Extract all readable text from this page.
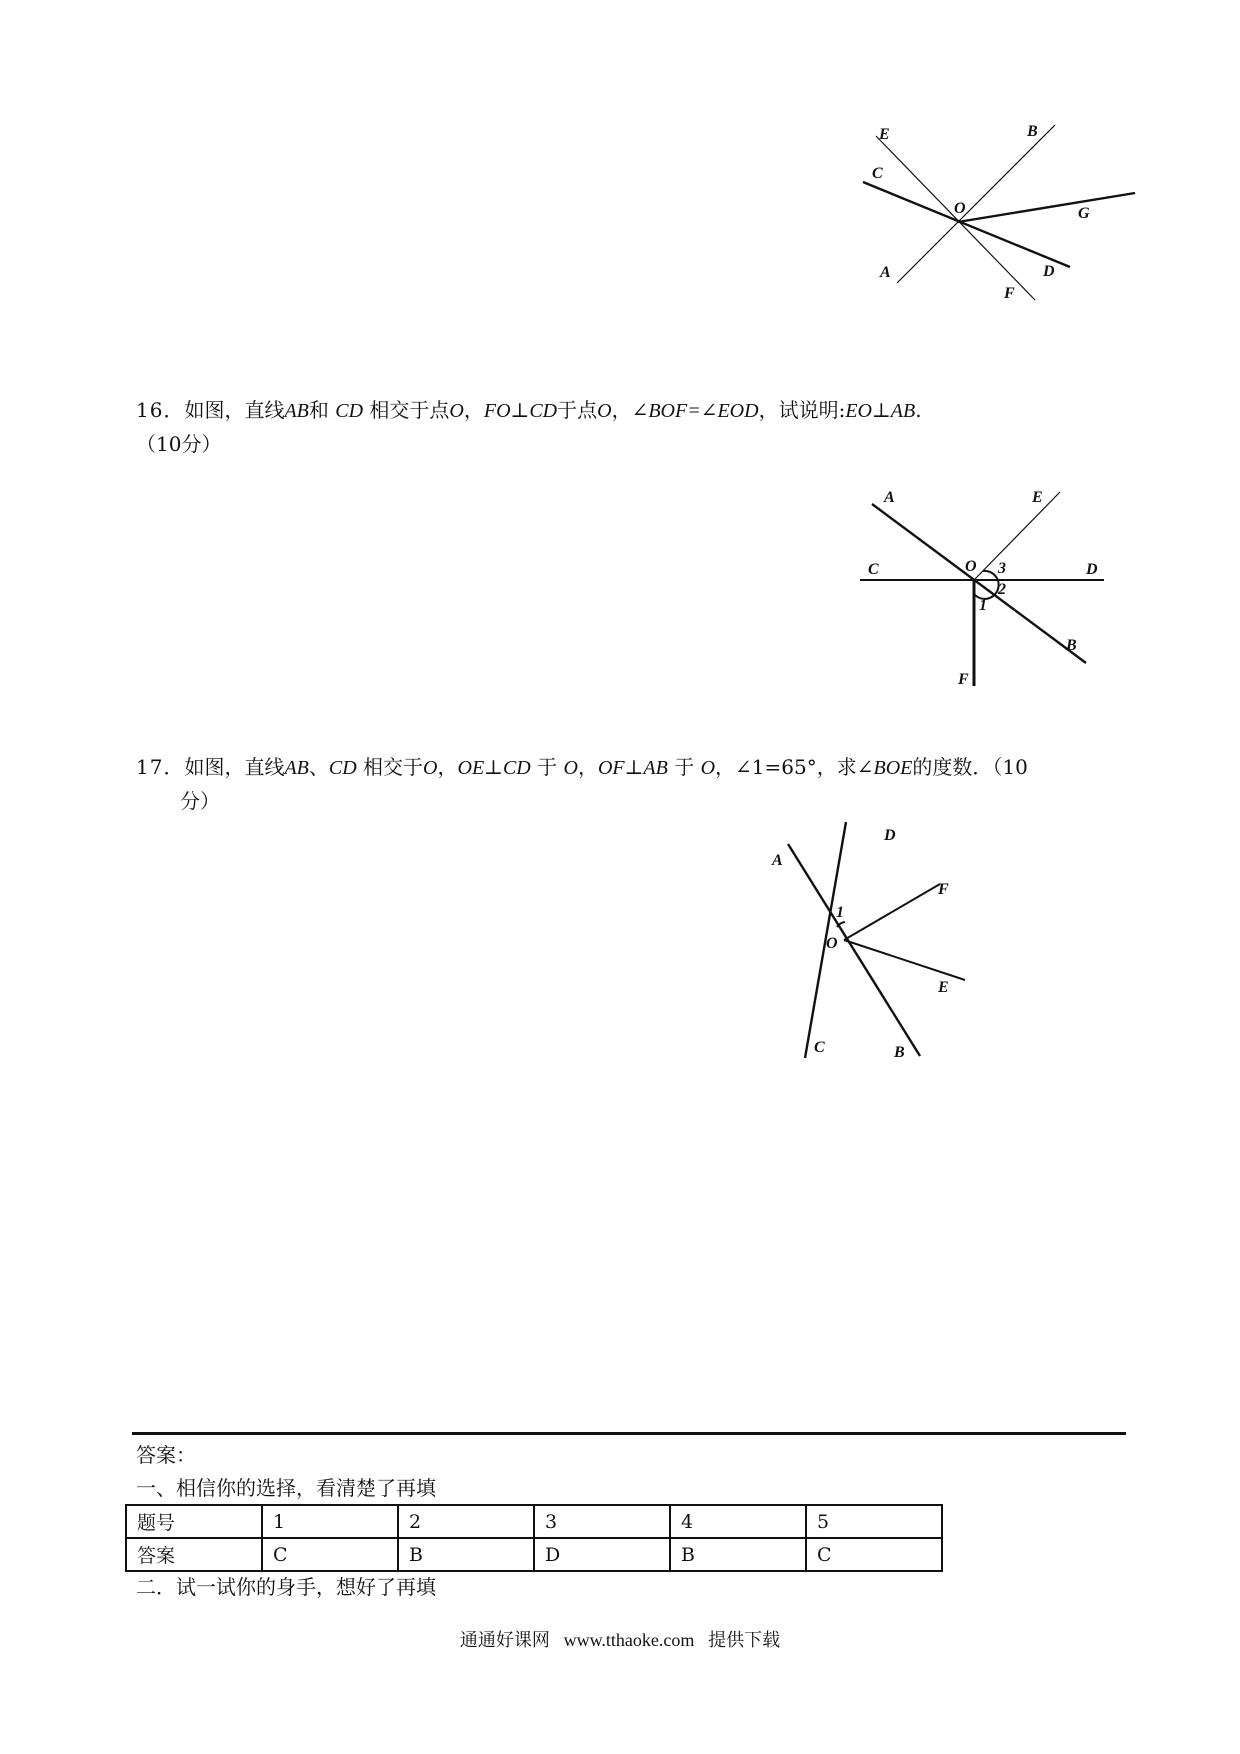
E	B
C
O	G
A	D
F
16．如图，直线AB和 CD 相交于点O，FO⊥CD于点O，∠BOF=∠EOD，试说明:EO⊥AB.
（10分）
A	E
C	O 3	D
2
1
B
F
17．如图，直线AB、CD 相交于O，OE⊥CD 于 O，OF⊥AB 于 O，∠1=65°，求∠BOE的度数．（10
分）
D
A
F
1
O
E
C	B
答案：
一、相信你的选择，看清楚了再填
题号	1	2	3	4	5
答案	C	B	D	B	C
二．试一试你的身手，想好了再填
通通好课网 www.tthaoke.com 提供下载
